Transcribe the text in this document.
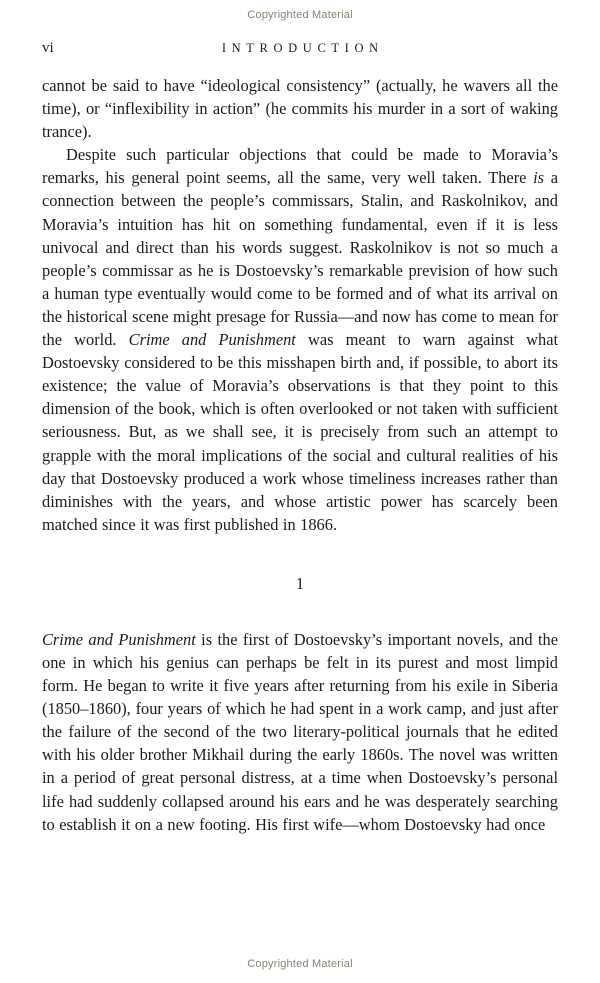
Copyrighted Material
vi	INTRODUCTION

cannot be said to have “ideological consistency” (actually, he wavers all the time), or “inflexibility in action” (he commits his murder in a sort of waking trance).

Despite such particular objections that could be made to Moravia’s remarks, his general point seems, all the same, very well taken. There is a connection between the people’s commissars, Stalin, and Raskolnikov, and Moravia’s intuition has hit on something fundamental, even if it is less univocal and direct than his words suggest. Raskolnikov is not so much a people’s commissar as he is Dostoevsky’s remarkable prevision of how such a human type eventually would come to be formed and of what its arrival on the historical scene might presage for Russia—and now has come to mean for the world. Crime and Punishment was meant to warn against what Dostoevsky considered to be this misshapen birth and, if possible, to abort its existence; the value of Moravia’s observations is that they point to this dimension of the book, which is often overlooked or not taken with sufficient seriousness. But, as we shall see, it is precisely from such an attempt to grapple with the moral implications of the social and cultural realities of his day that Dostoevsky produced a work whose timeliness increases rather than diminishes with the years, and whose artistic power has scarcely been matched since it was first published in 1866.

1

Crime and Punishment is the first of Dostoevsky’s important novels, and the one in which his genius can perhaps be felt in its purest and most limpid form. He began to write it five years after returning from his exile in Siberia (1850–1860), four years of which he had spent in a work camp, and just after the failure of the second of the two literary-political journals that he edited with his older brother Mikhail during the early 1860s. The novel was written in a period of great personal distress, at a time when Dostoevsky’s personal life had suddenly collapsed around his ears and he was desperately searching to establish it on a new footing. His first wife—whom Dostoevsky had once

Copyrighted Material
